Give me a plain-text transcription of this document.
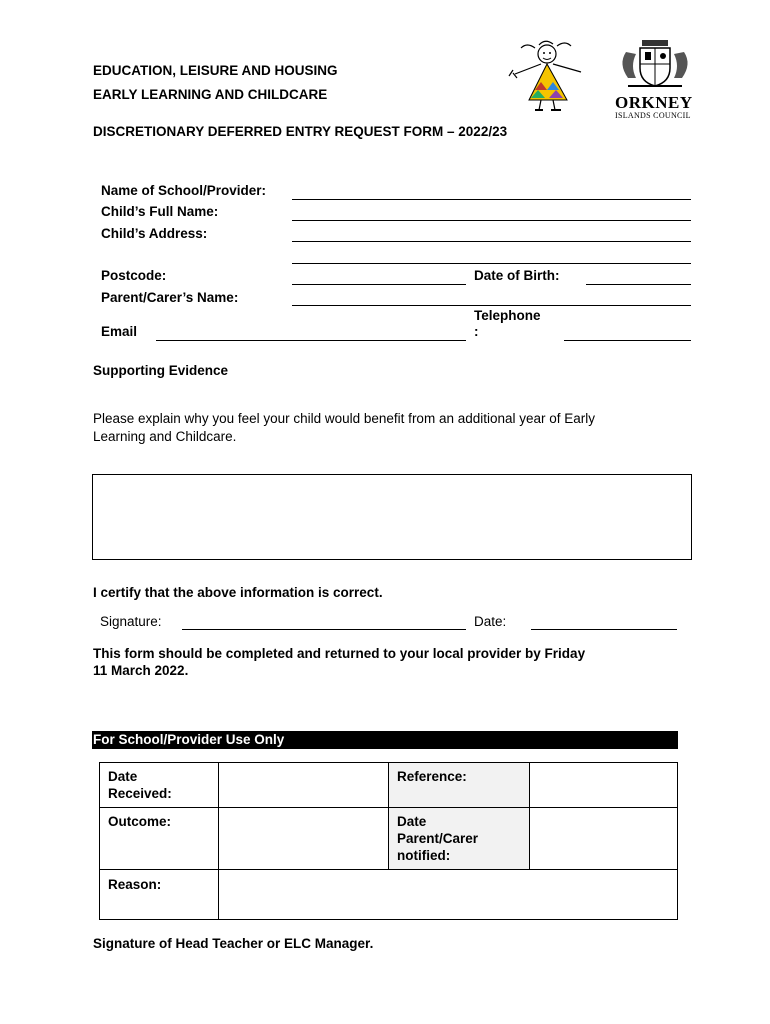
EDUCATION, LEISURE AND HOUSING
EARLY LEARNING AND CHILDCARE
DISCRETIONARY DEFERRED ENTRY REQUEST FORM – 2022/23
ORKNEY
ISLANDS COUNCIL
Name of School/Provider:
Child’s Full Name:
Child’s Address:
Postcode:	Date of Birth:
Parent/Carer’s Name:
Telephone
:
Email
Supporting Evidence
Please explain why you feel your child would benefit from an additional year of Early
Learning and Childcare.
I certify that the above information is correct.
Signature:	Date:
This form should be completed and returned to your local provider by Friday
11 March 2022.
For School/Provider Use Only
Date
Received:		Reference:	

Outcome:		Date
Parent/Carer
notified:	

Reason:			

Signature of Head Teacher or ELC Manager.
